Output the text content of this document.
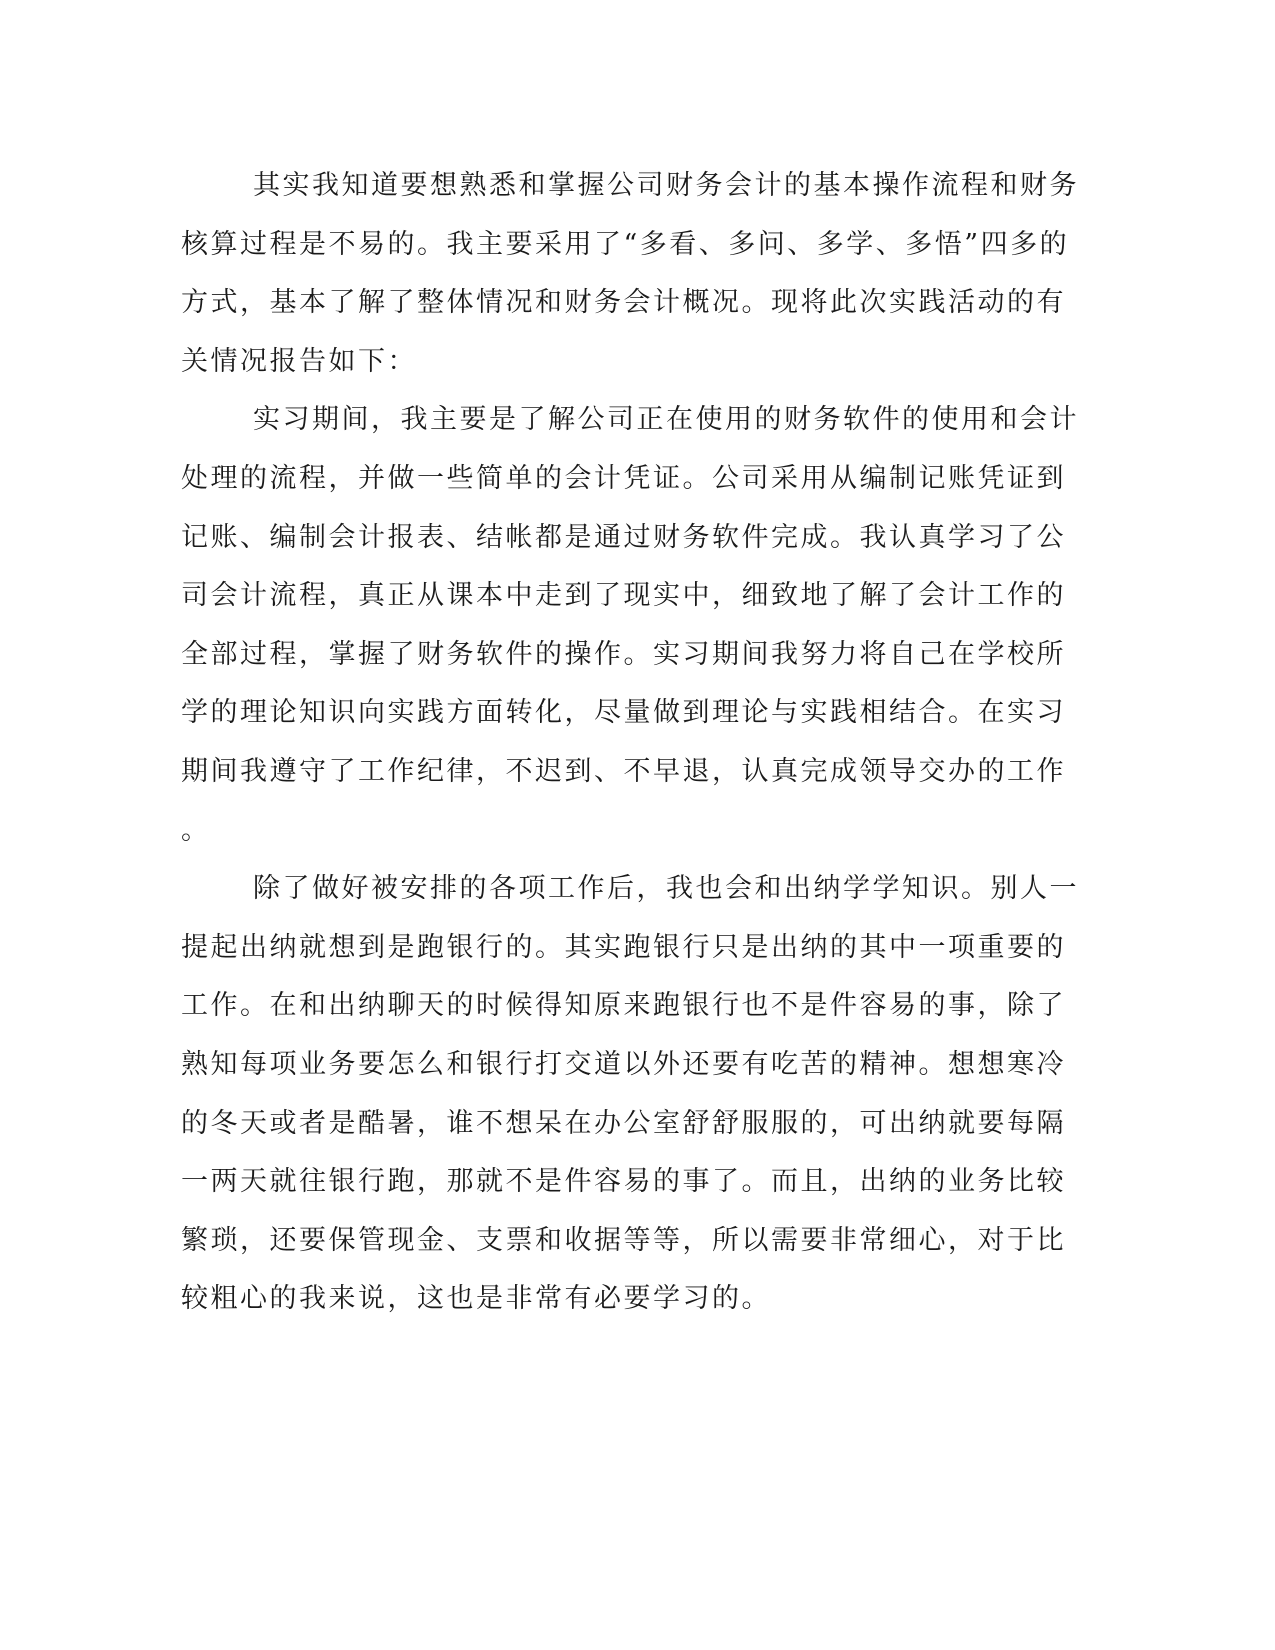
其实我知道要想熟悉和掌握公司财务会计的基本操作流程和财务
核算过程是不易的。我主要采用了“多看、多问、多学、多悟”四多的
方式，基本了解了整体情况和财务会计概况。现将此次实践活动的有
关情况报告如下：
实习期间，我主要是了解公司正在使用的财务软件的使用和会计
处理的流程，并做一些简单的会计凭证。公司采用从编制记账凭证到
记账、编制会计报表、结帐都是通过财务软件完成。我认真学习了公
司会计流程，真正从课本中走到了现实中，细致地了解了会计工作的
全部过程，掌握了财务软件的操作。实习期间我努力将自己在学校所
学的理论知识向实践方面转化，尽量做到理论与实践相结合。在实习
期间我遵守了工作纪律，不迟到、不早退，认真完成领导交办的工作
。
除了做好被安排的各项工作后，我也会和出纳学学知识。别人一
提起出纳就想到是跑银行的。其实跑银行只是出纳的其中一项重要的
工作。在和出纳聊天的时候得知原来跑银行也不是件容易的事，除了
熟知每项业务要怎么和银行打交道以外还要有吃苦的精神。想想寒冷
的冬天或者是酷暑，谁不想呆在办公室舒舒服服的，可出纳就要每隔
一两天就往银行跑，那就不是件容易的事了。而且，出纳的业务比较
繁琐，还要保管现金、支票和收据等等，所以需要非常细心，对于比
较粗心的我来说，这也是非常有必要学习的。
